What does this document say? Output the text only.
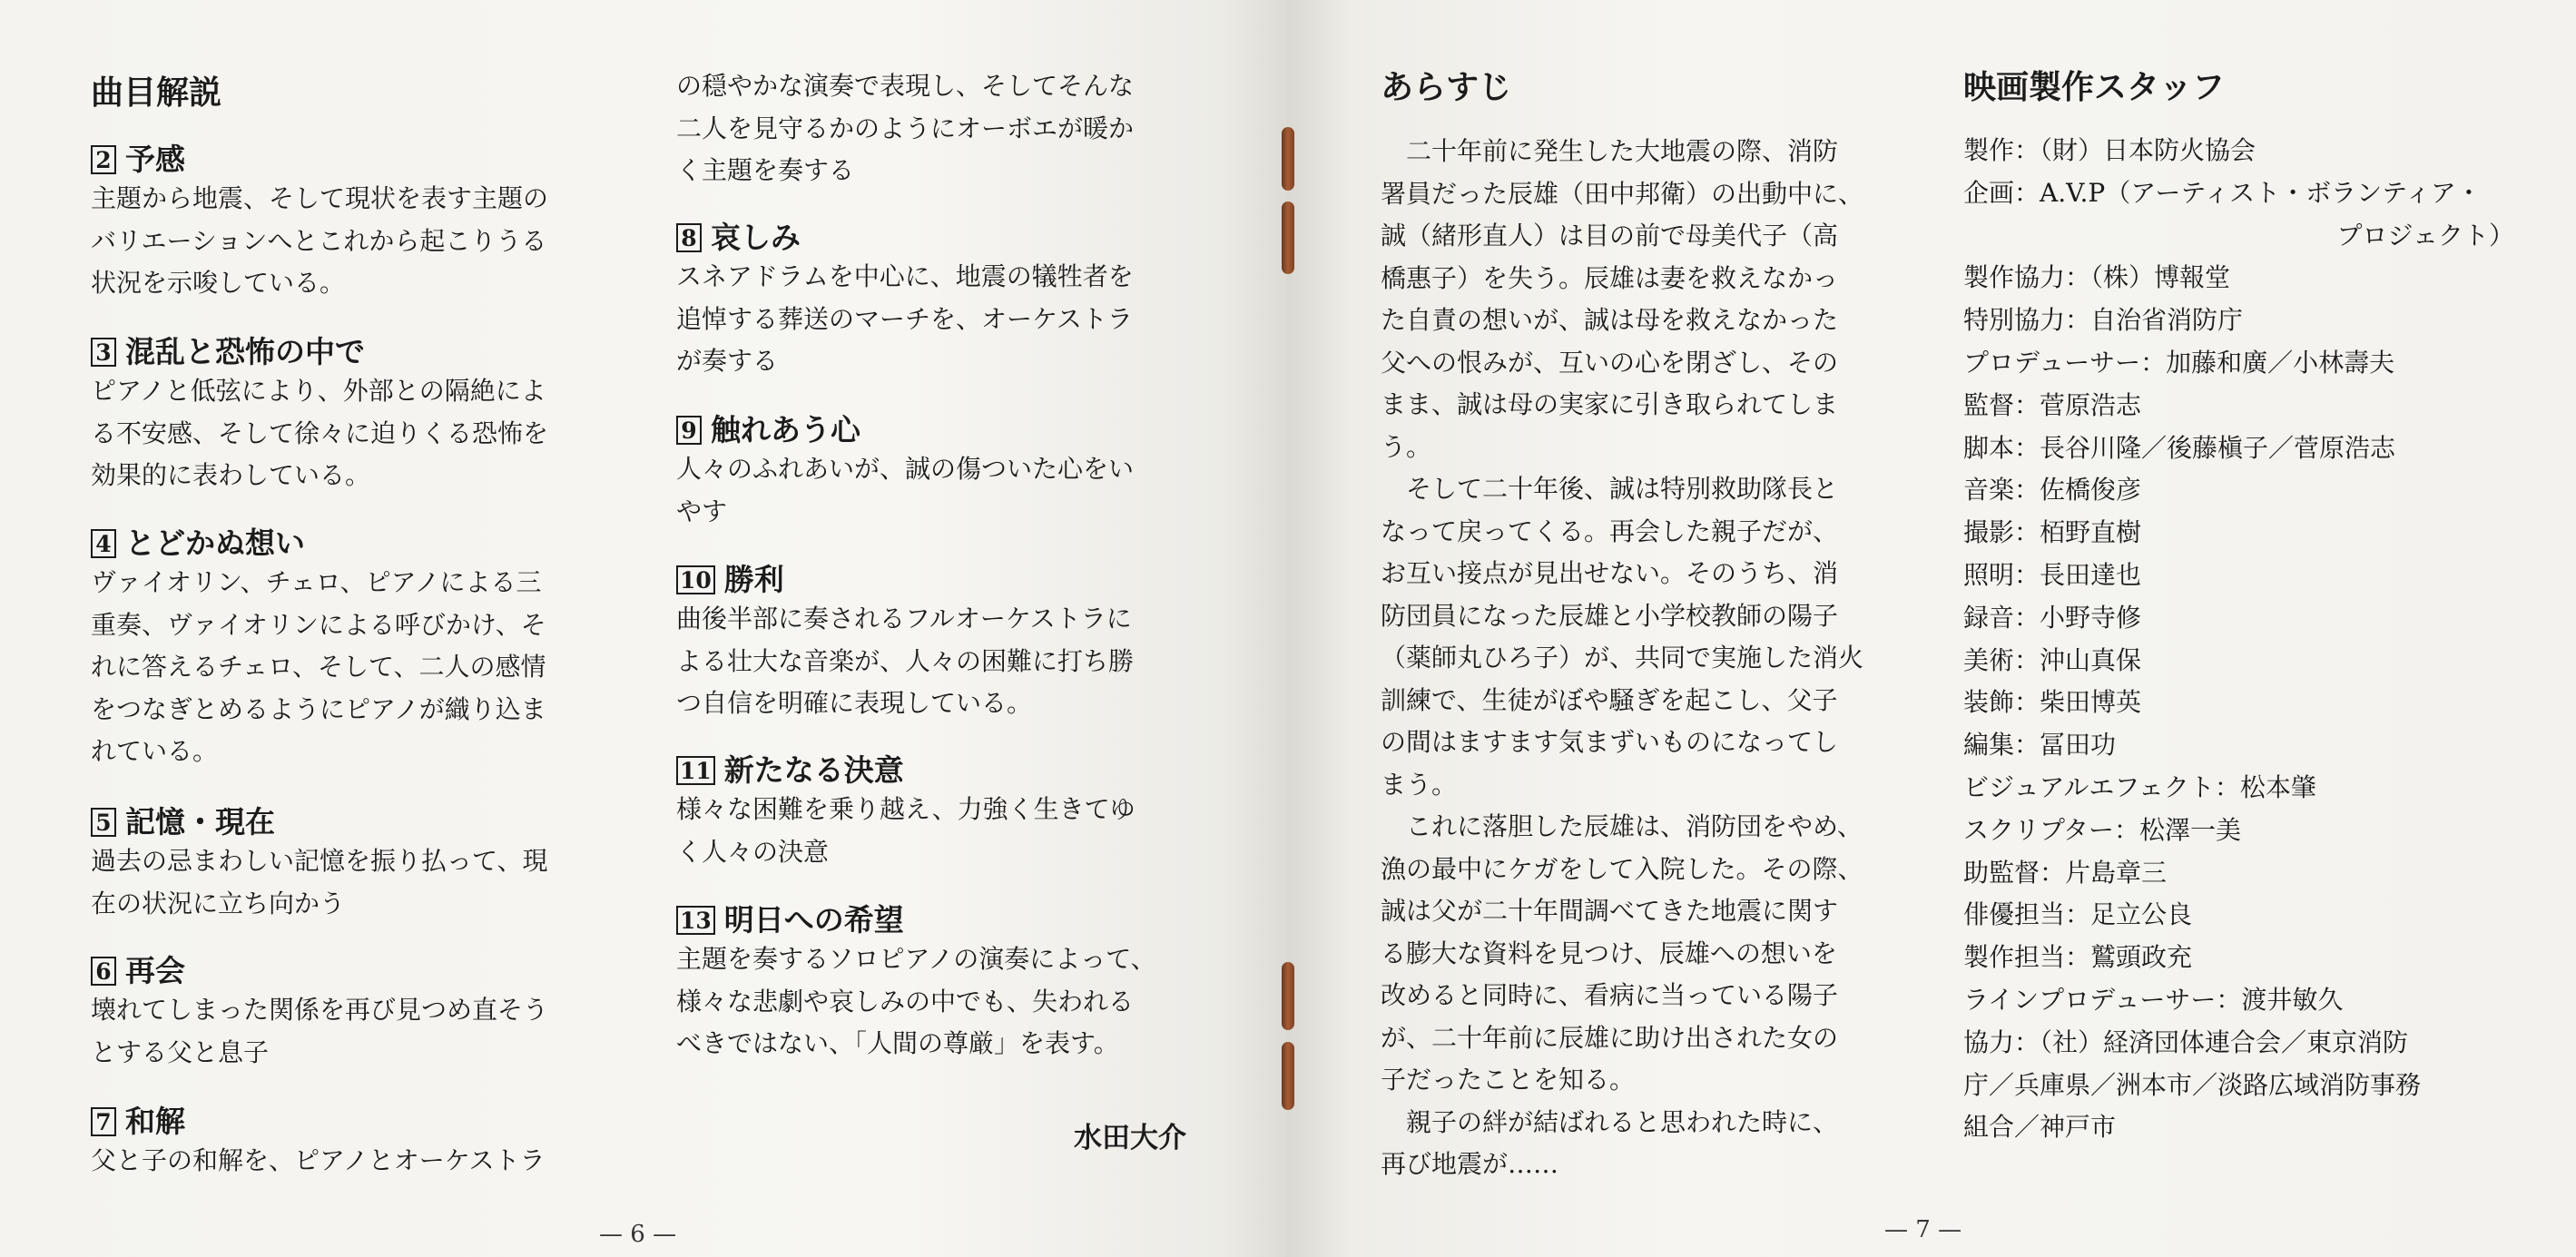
曲目解説
2 予感
主題から地震、そして現状を表す主題の
バリエーションへとこれから起こりうる
状況を示唆している。
3 混乱と恐怖の中で
ピアノと低弦により、外部との隔絶によ
る不安感、そして徐々に迫りくる恐怖を
効果的に表わしている。
4 とどかぬ想い
ヴァイオリン、チェロ、ピアノによる三
重奏、ヴァイオリンによる呼びかけ、そ
れに答えるチェロ、そして、二人の感情
をつなぎとめるようにピアノが織り込ま
れている。
5 記憶・現在
過去の忌まわしい記憶を振り払って、現
在の状況に立ち向かう
6 再会
壊れてしまった関係を再び見つめ直そう
とする父と息子
7 和解
父と子の和解を、ピアノとオーケストラ
の穏やかな演奏で表現し、そしてそんな
二人を見守るかのようにオーボエが暖か
く主題を奏する
8 哀しみ
スネアドラムを中心に、地震の犠牲者を
追悼する葬送のマーチを、オーケストラ
が奏する
9 触れあう心
人々のふれあいが、誠の傷ついた心をい
やす
10 勝利
曲後半部に奏されるフルオーケストラに
よる壮大な音楽が、人々の困難に打ち勝
つ自信を明確に表現している。
11 新たなる決意
様々な困難を乗り越え、力強く生きてゆ
く人々の決意
13 明日への希望
主題を奏するソロピアノの演奏によって、
様々な悲劇や哀しみの中でも、失われる
べきではない、「人間の尊厳」を表す。
水田大介
— 6 —
あらすじ
　二十年前に発生した大地震の際、消防
署員だった辰雄（田中邦衛）の出動中に、
誠（緒形直人）は目の前で母美代子（高
橋惠子）を失う。辰雄は妻を救えなかっ
た自責の想いが、誠は母を救えなかった
父への恨みが、互いの心を閉ざし、その
まま、誠は母の実家に引き取られてしま
う。
　そして二十年後、誠は特別救助隊長と
なって戻ってくる。再会した親子だが、
お互い接点が見出せない。そのうち、消
防団員になった辰雄と小学校教師の陽子
（薬師丸ひろ子）が、共同で実施した消火
訓練で、生徒がぼや騒ぎを起こし、父子
の間はますます気まずいものになってし
まう。
　これに落胆した辰雄は、消防団をやめ、
漁の最中にケガをして入院した。その際、
誠は父が二十年間調べてきた地震に関す
る膨大な資料を見つけ、辰雄への想いを
改めると同時に、看病に当っている陽子
が、二十年前に辰雄に助け出された女の
子だったことを知る。
　親子の絆が結ばれると思われた時に、
再び地震が……
映画製作スタッフ
製作：（財）日本防火協会
企画：A.V.P（アーティスト・ボランティア・
プロジェクト）
製作協力：（株）博報堂
特別協力：自治省消防庁
プロデューサー：加藤和廣／小林壽夫
監督：菅原浩志
脚本：長谷川隆／後藤槇子／菅原浩志
音楽：佐橋俊彦
撮影：栢野直樹
照明：長田達也
録音：小野寺修
美術：沖山真保
装飾：柴田博英
編集：冨田功
ビジュアルエフェクト：松本肇
スクリプター：松澤一美
助監督：片島章三
俳優担当：足立公良
製作担当：鷲頭政充
ラインプロデューサー：渡井敏久
協力：（社）経済団体連合会／東京消防
庁／兵庫県／洲本市／淡路広域消防事務
組合／神戸市
— 7 —
